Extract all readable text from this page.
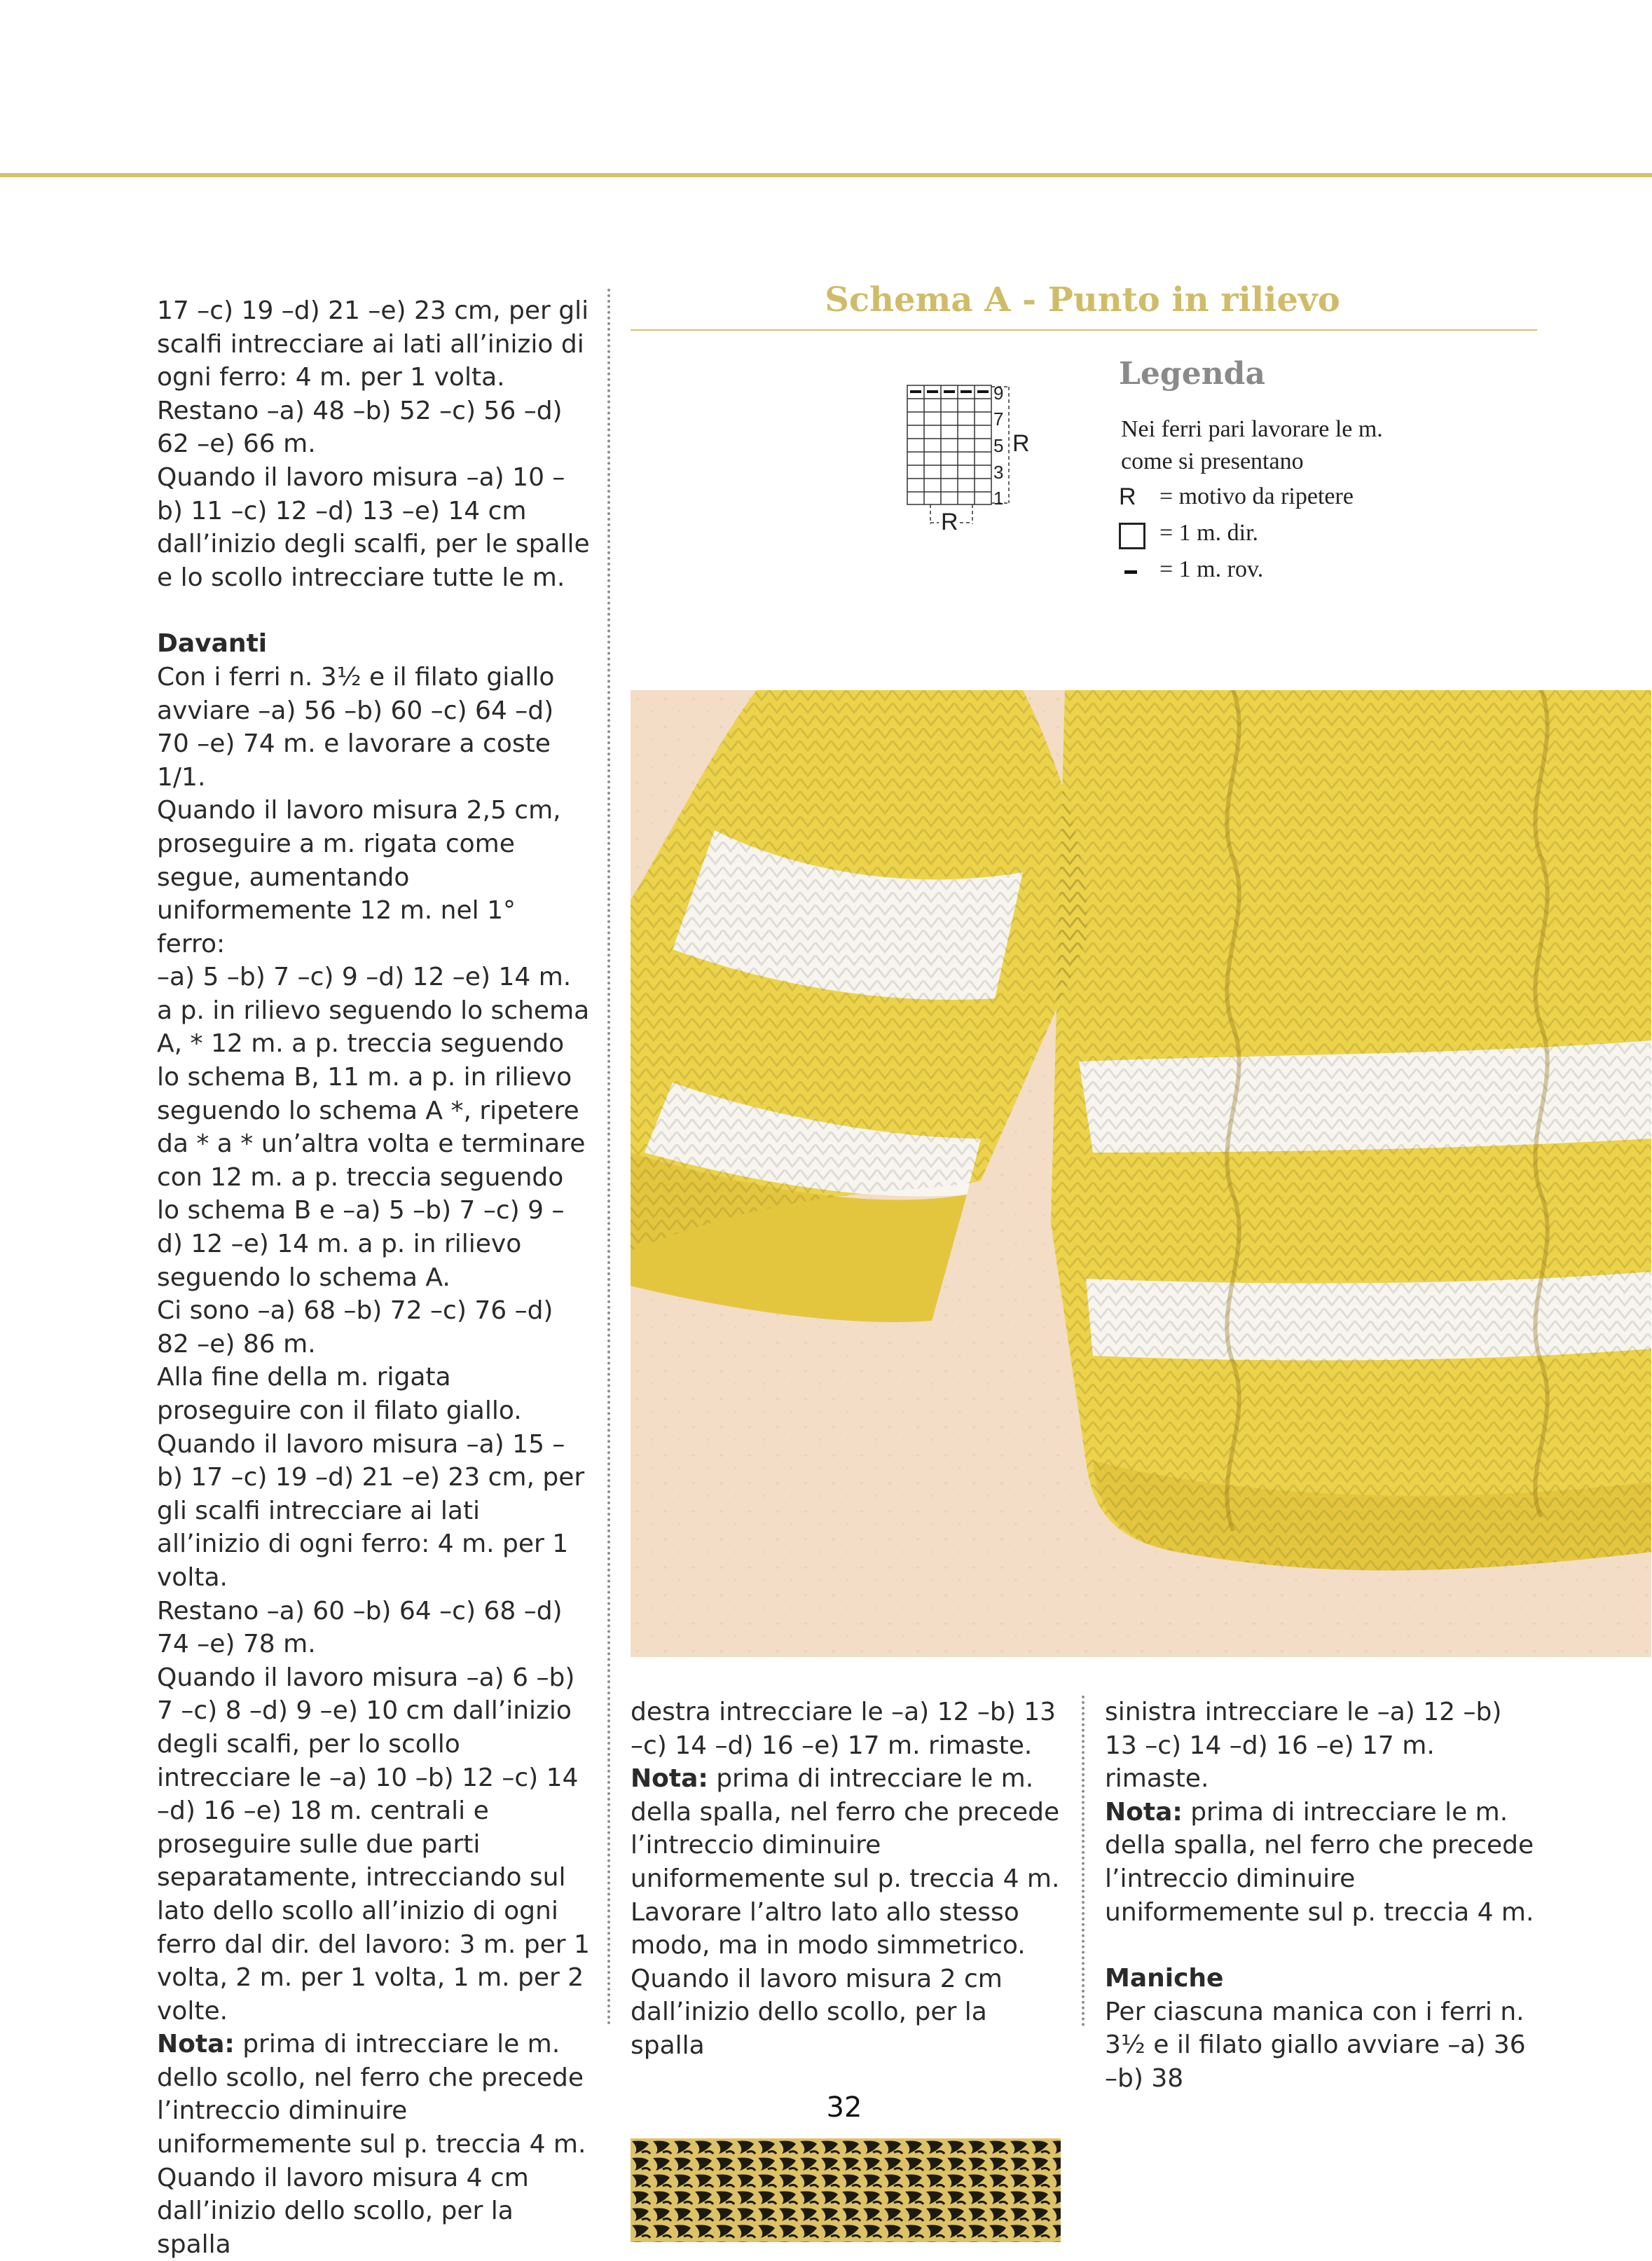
17 –c) 19 –d) 21 –e) 23 cm, per gli scalfi intrecciare ai lati all’inizio di ogni ferro: 4 m. per 1 volta.

Restano –a) 48 –b) 52 –c) 56 –d) 62 –e) 66 m.

Quando il lavoro misura –a) 10 –b) 11 –c) 12 –d) 13 –e) 14 cm dall’inizio degli scalfi, per le spalle e lo scollo intrecciare tutte le m.

Davanti

Con i ferri n. 3½ e il filato giallo avviare –a) 56 –b) 60 –c) 64 –d) 70 –e) 74 m. e lavorare a coste 1/1.

Quando il lavoro misura 2,5 cm, proseguire a m. rigata come segue, aumentando uniformemente 12 m. nel 1° ferro:

–a) 5 –b) 7 –c) 9 –d) 12 –e) 14 m. a p. in rilievo seguendo lo schema A, * 12 m. a p. treccia seguendo lo schema B, 11 m. a p. in rilievo seguendo lo schema A *, ripetere da * a * un’altra volta e terminare con 12 m. a p. treccia seguendo lo schema B e –a) 5 –b) 7 –c) 9 –d) 12 –e) 14 m. a p. in rilievo seguendo lo schema A.

Ci sono –a) 68 –b) 72 –c) 76 –d) 82 –e) 86 m.

Alla fine della m. rigata proseguire con il filato giallo.

Quando il lavoro misura –a) 15 –b) 17 –c) 19 –d) 21 –e) 23 cm, per gli scalfi intrecciare ai lati all’inizio di ogni ferro: 4 m. per 1 volta.

Restano –a) 60 –b) 64 –c) 68 –d) 74 –e) 78 m.

Quando il lavoro misura –a) 6 –b) 7 –c) 8 –d) 9 –e) 10 cm dall’inizio degli scalfi, per lo scollo intrecciare le –a) 10 –b) 12 –c) 14 –d) 16 –e) 18 m. centrali e proseguire sulle due parti separatamente, intrecciando sul lato dello scollo all’inizio di ogni ferro dal dir. del lavoro: 3 m. per 1 volta, 2 m. per 1 volta, 1 m. per 2 volte.

Nota: prima di intrecciare le m. dello scollo, nel ferro che precede l’intreccio diminuire uniformemente sul p. treccia 4 m.

Quando il lavoro misura 4 cm dall’inizio dello scollo, per la spalla

Schema A - Punto in rilievo
9
7
5
3
1
R
R
Legenda
Nei ferri pari lavorare le m.
come si presentano
R = motivo da ripetere
= 1 m. dir.
= 1 m. rov.

destra intrecciare le –a) 12 –b) 13 –c) 14 –d) 16 –e) 17 m. rimaste.

Nota: prima di intrecciare le m. della spalla, nel ferro che precede l’intreccio diminuire uniformemente sul p. treccia 4 m.

Lavorare l’altro lato allo stesso modo, ma in modo simmetrico.

Quando il lavoro misura 2 cm dall’inizio dello scollo, per la spalla

sinistra intrecciare le –a) 12 –b) 13 –c) 14 –d) 16 –e) 17 m. rimaste.

Nota: prima di intrecciare le m. della spalla, nel ferro che precede l’intreccio diminuire uniformemente sul p. treccia 4 m.

Maniche

Per ciascuna manica con i ferri n. 3½ e il filato giallo avviare –a) 36 –b) 38

32
